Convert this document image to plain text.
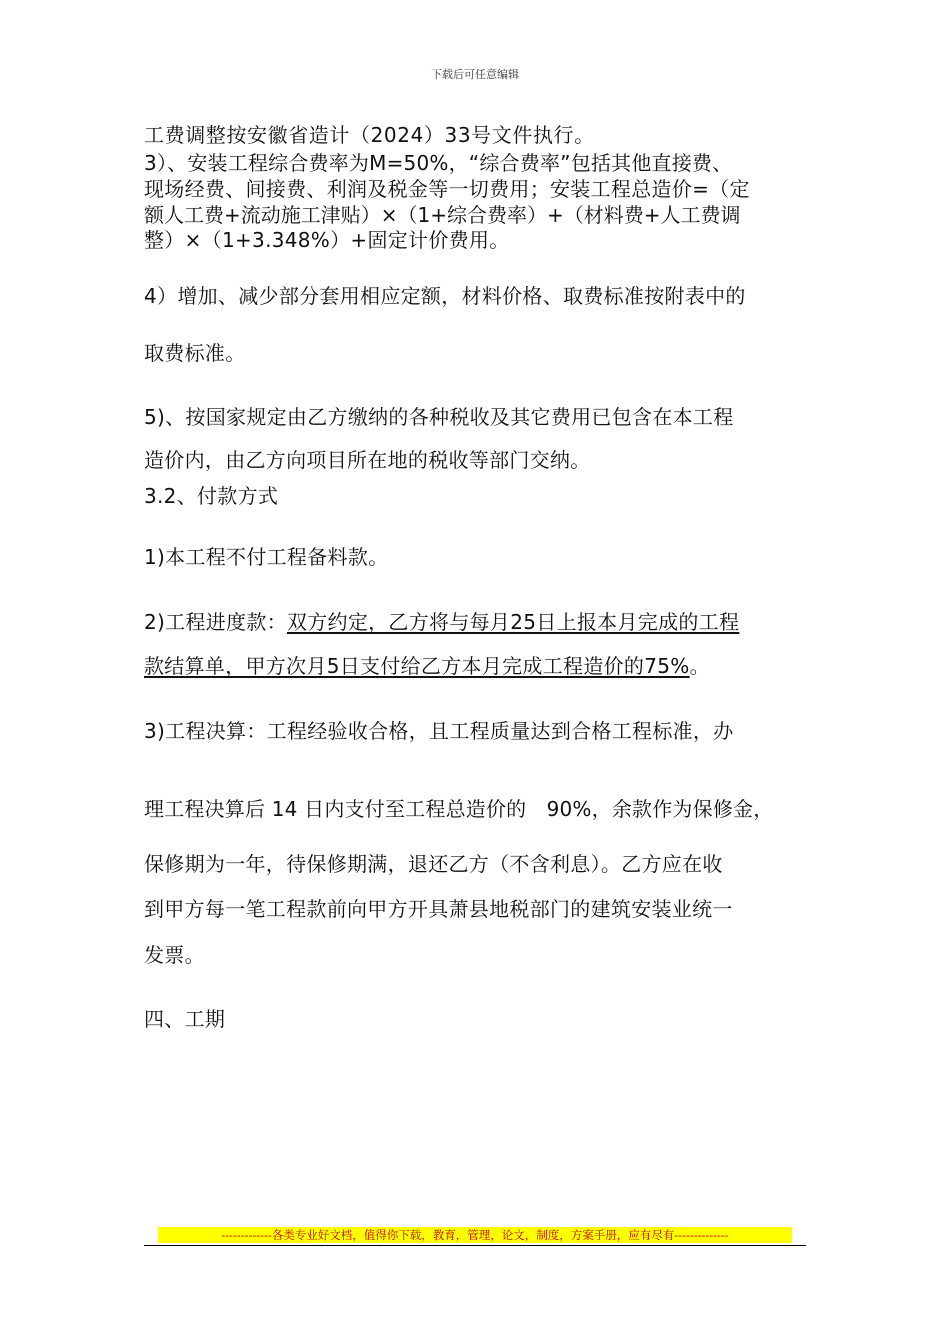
下载后可任意编辑
工费调整按安徽省造计（2024）33号文件执行。
3）、安装工程综合费率为M=50%，“综合费率”包括其他直接费、
现场经费、间接费、利润及税金等一切费用；安装工程总造价=（定
额人工费+流动施工津贴）×（1+综合费率）+（材料费+人工费调
整）×（1+3.348%）+固定计价费用。
4）增加、减少部分套用相应定额，材料价格、取费标准按附表中的
取费标准。
5)、按国家规定由乙方缴纳的各种税收及其它费用已包含在本工程
造价内，由乙方向项目所在地的税收等部门交纳。
3.2、付款方式
1)本工程不付工程备料款。
2)工程进度款：双方约定，乙方将与每月25日上报本月完成的工程
款结算单，甲方次月5日支付给乙方本月完成工程造价的75%。
3)工程决算：工程经验收合格，且工程质量达到合格工程标准，办
理工程决算后 14 日内支付至工程总造价的　90%，余款作为保修金，
保修期为一年，待保修期满，退还乙方（不含利息）。乙方应在收
到甲方每一笔工程款前向甲方开具萧县地税部门的建筑安装业统一
发票。
四、工期
-------------各类专业好文档，值得你下载，教育，管理，论文，制度，方案手册，应有尽有--------------
